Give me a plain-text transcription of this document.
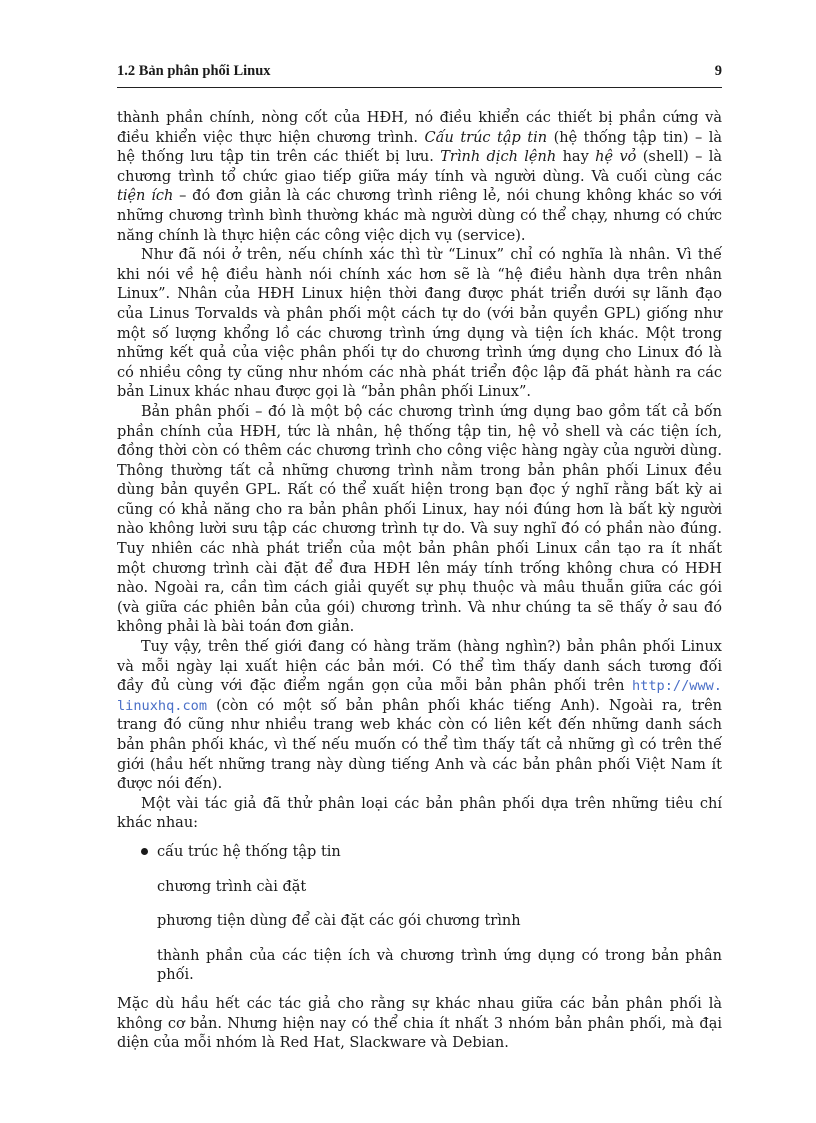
1.2 Bản phân phối Linux	9
thành phần chính, nòng cốt của HĐH, nó điều khiển các thiết bị phần cứng và
điều khiển việc thực hiện chương trình. Cấu trúc tập tin (hệ thống tập tin) – là
hệ thống lưu tập tin trên các thiết bị lưu. Trình dịch lệnh hay hệ vỏ (shell) – là
chương trình tổ chức giao tiếp giữa máy tính và người dùng. Và cuối cùng các
tiện ích – đó đơn giản là các chương trình riêng lẻ, nói chung không khác so với
những chương trình bình thường khác mà người dùng có thể chạy, nhưng có chức
năng chính là thực hiện các công việc dịch vụ (service).
Như đã nói ở trên, nếu chính xác thì từ “Linux” chỉ có nghĩa là nhân. Vì thế
khi nói về hệ điều hành nói chính xác hơn sẽ là “hệ điều hành dựa trên nhân
Linux”. Nhân của HĐH Linux hiện thời đang được phát triển dưới sự lãnh đạo
của Linus Torvalds và phân phối một cách tự do (với bản quyền GPL) giống như
một số lượng khổng lồ các chương trình ứng dụng và tiện ích khác. Một trong
những kết quả của việc phân phối tự do chương trình ứng dụng cho Linux đó là
có nhiều công ty cũng như nhóm các nhà phát triển độc lập đã phát hành ra các
bản Linux khác nhau được gọi là “bản phân phối Linux”.
Bản phân phối – đó là một bộ các chương trình ứng dụng bao gồm tất cả bốn
phần chính của HĐH, tức là nhân, hệ thống tập tin, hệ vỏ shell và các tiện ích,
đồng thời còn có thêm các chương trình cho công việc hàng ngày của người dùng.
Thông thường tất cả những chương trình nằm trong bản phân phối Linux đều
dùng bản quyền GPL. Rất có thể xuất hiện trong bạn đọc ý nghĩ rằng bất kỳ ai
cũng có khả năng cho ra bản phân phối Linux, hay nói đúng hơn là bất kỳ người
nào không lười sưu tập các chương trình tự do. Và suy nghĩ đó có phần nào đúng.
Tuy nhiên các nhà phát triển của một bản phân phối Linux cần tạo ra ít nhất
một chương trình cài đặt để đưa HĐH lên máy tính trống không chưa có HĐH
nào. Ngoài ra, cần tìm cách giải quyết sự phụ thuộc và mâu thuẫn giữa các gói
(và giữa các phiên bản của gói) chương trình. Và như chúng ta sẽ thấy ở sau đó
không phải là bài toán đơn giản.
Tuy vậy, trên thế giới đang có hàng trăm (hàng nghìn?) bản phân phối Linux
và mỗi ngày lại xuất hiện các bản mới. Có thể tìm thấy danh sách tương đối
đầy đủ cùng với đặc điểm ngắn gọn của mỗi bản phân phối trên http://www.
linuxhq.com (còn có một số bản phân phối khác tiếng Anh). Ngoài ra, trên
trang đó cũng như nhiều trang web khác còn có liên kết đến những danh sách
bản phân phối khác, vì thế nếu muốn có thể tìm thấy tất cả những gì có trên thế
giới (hầu hết những trang này dùng tiếng Anh và các bản phân phối Việt Nam ít
được nói đến).
Một vài tác giả đã thử phân loại các bản phân phối dựa trên những tiêu chí
khác nhau:
cấu trúc hệ thống tập tin
chương trình cài đặt
phương tiện dùng để cài đặt các gói chương trình
thành phần của các tiện ích và chương trình ứng dụng có trong bản phân
phối.
Mặc dù hầu hết các tác giả cho rằng sự khác nhau giữa các bản phân phối là
không cơ bản. Nhưng hiện nay có thể chia ít nhất 3 nhóm bản phân phối, mà đại
diện của mỗi nhóm là Red Hat, Slackware và Debian.
